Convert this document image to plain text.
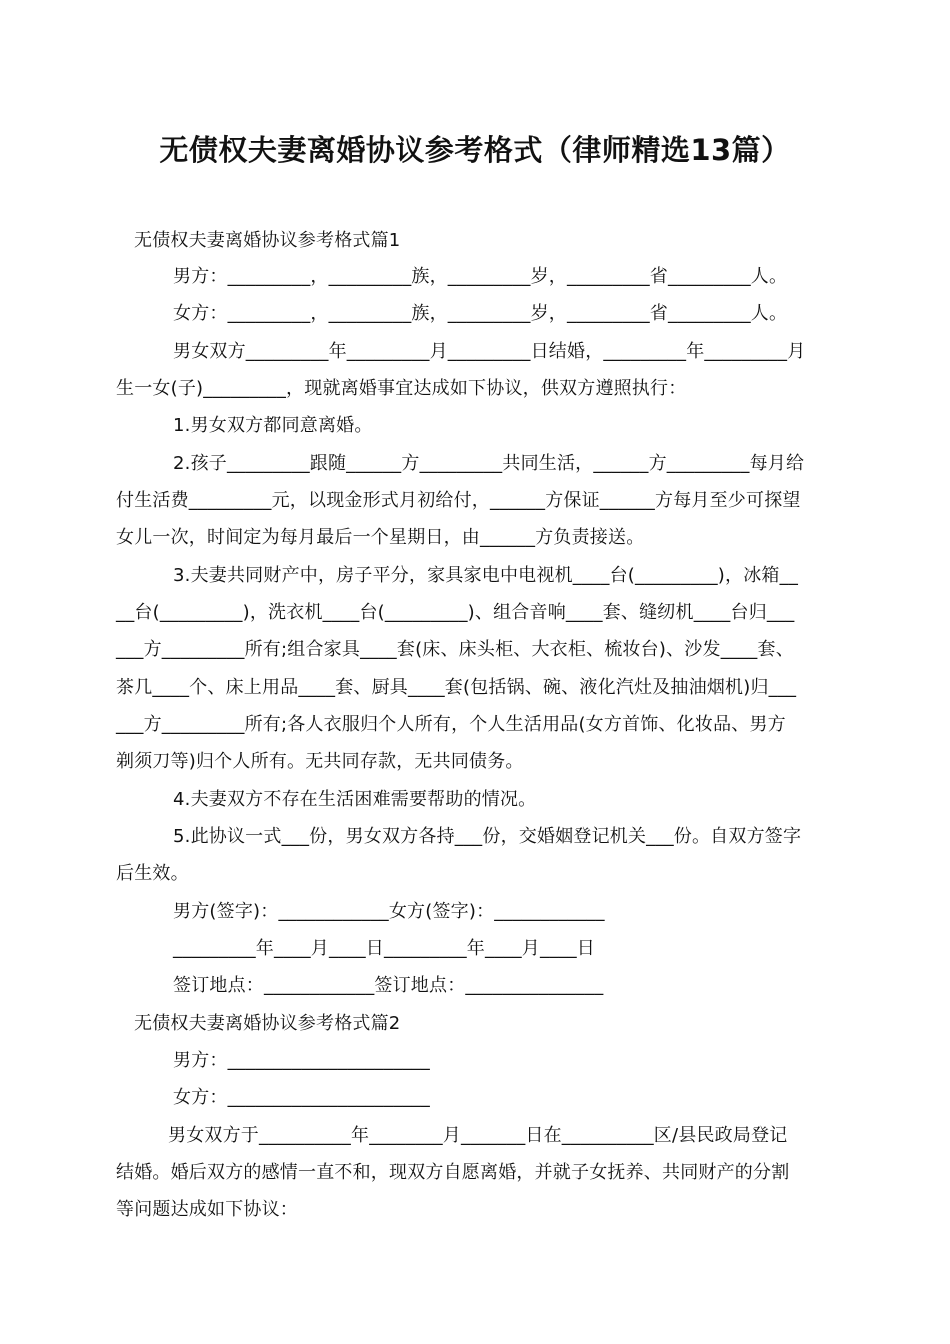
无债权夫妻离婚协议参考格式（律师精选13篇）
无债权夫妻离婚协议参考格式篇1
男方：_________，_________族，_________岁，_________省_________人。
女方：_________，_________族，_________岁，_________省_________人。
男女双方_________年_________月_________日结婚，_________年_________月
生一女(子)_________，现就离婚事宜达成如下协议，供双方遵照执行：
1.男女双方都同意离婚。
2.孩子_________跟随______方_________共同生活，______方_________每月给
付生活费_________元，以现金形式月初给付，______方保证______方每月至少可探望
女儿一次，时间定为每月最后一个星期日，由______方负责接送。
3.夫妻共同财产中，房子平分，家具家电中电视机____台(_________)，冰箱__
__台(_________)，洗衣机____台(_________)、组合音响____套、缝纫机____台归___
___方_________所有;组合家具____套(床、床头柜、大衣柜、梳妆台)、沙发____套、
茶几____个、床上用品____套、厨具____套(包括锅、碗、液化汽灶及抽油烟机)归___
___方_________所有;各人衣服归个人所有，个人生活用品(女方首饰、化妆品、男方
剃须刀等)归个人所有。无共同存款，无共同债务。
4.夫妻双方不存在生活困难需要帮助的情况。
5.此协议一式___份，男女双方各持___份，交婚姻登记机关___份。自双方签字
后生效。
男方(签字)：____________女方(签字)：____________
_________年____月____日_________年____月____日
签订地点：____________签订地点：_______________
无债权夫妻离婚协议参考格式篇2
男方：______________________
女方：______________________
男女双方于__________年________月_______日在__________区/县民政局登记
结婚。婚后双方的感情一直不和，现双方自愿离婚，并就子女抚养、共同财产的分割
等问题达成如下协议：
